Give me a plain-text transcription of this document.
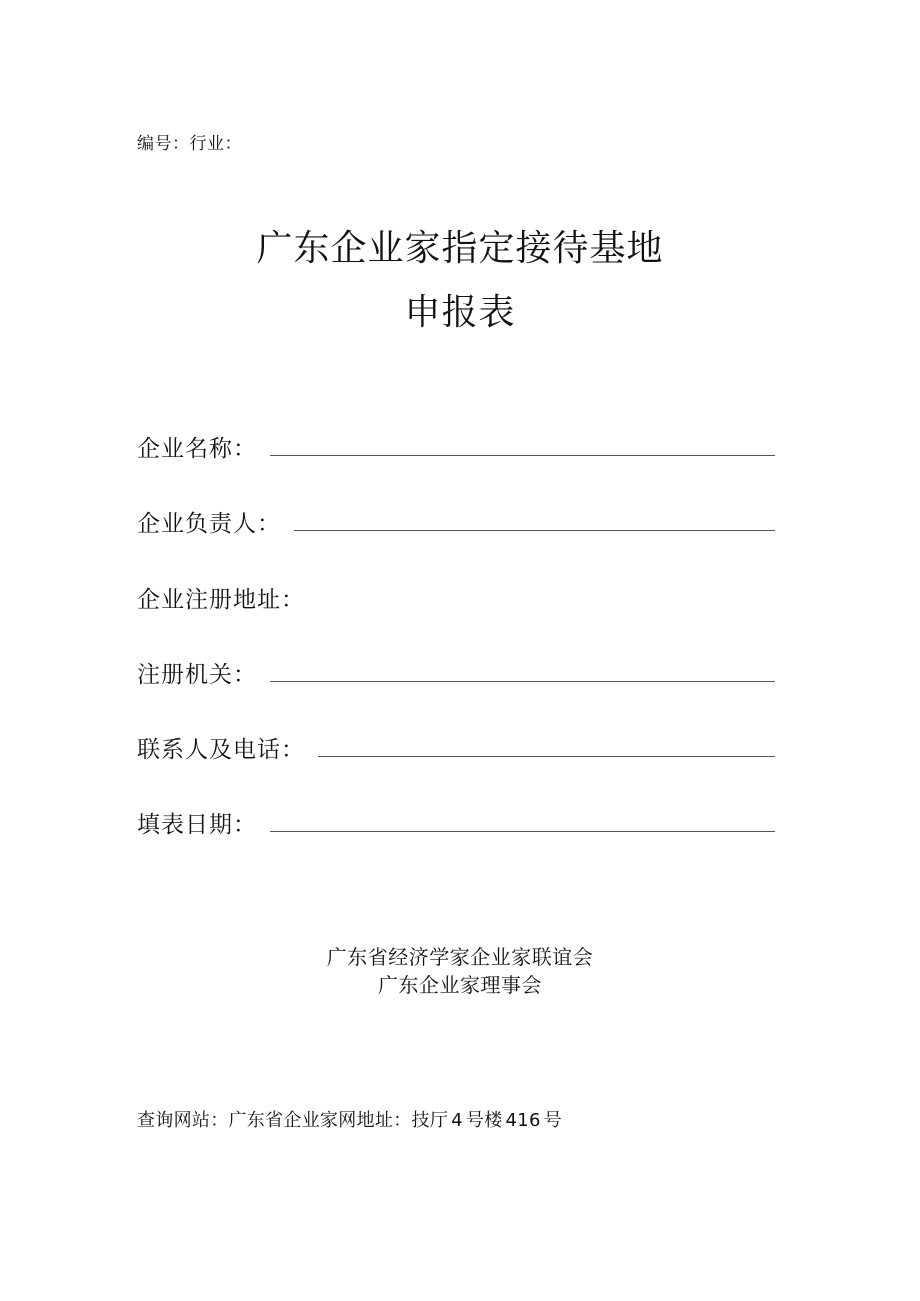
编号：行业：
广东企业家指定接待基地
申报表
企业名称：
企业负责人：
企业注册地址：
注册机关：
联系人及电话：
填表日期：
广东省经济学家企业家联谊会
广东企业家理事会
查询网站：广东省企业家网地址：技厅 4 号楼 416 号
